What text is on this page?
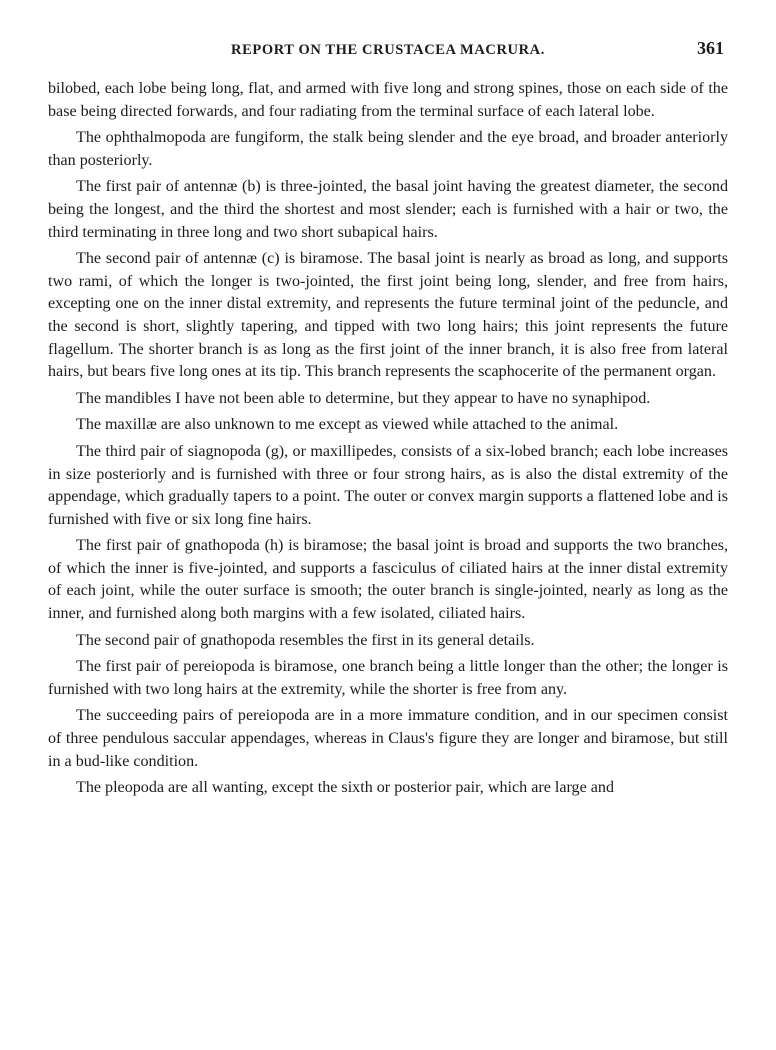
REPORT ON THE CRUSTACEA MACRURA.	361

bilobed, each lobe being long, flat, and armed with five long and strong spines, those on each side of the base being directed forwards, and four radiating from the terminal surface of each lateral lobe.

The ophthalmopoda are fungiform, the stalk being slender and the eye broad, and broader anteriorly than posteriorly.

The first pair of antennæ (b) is three-jointed, the basal joint having the greatest diameter, the second being the longest, and the third the shortest and most slender; each is furnished with a hair or two, the third terminating in three long and two short subapical hairs.

The second pair of antennæ (c) is biramose. The basal joint is nearly as broad as long, and supports two rami, of which the longer is two-jointed, the first joint being long, slender, and free from hairs, excepting one on the inner distal extremity, and represents the future terminal joint of the peduncle, and the second is short, slightly tapering, and tipped with two long hairs; this joint represents the future flagellum. The shorter branch is as long as the first joint of the inner branch, it is also free from lateral hairs, but bears five long ones at its tip. This branch represents the scaphocerite of the permanent organ.

The mandibles I have not been able to determine, but they appear to have no synaphipod.

The maxillæ are also unknown to me except as viewed while attached to the animal.

The third pair of siagnopoda (g), or maxillipedes, consists of a six-lobed branch; each lobe increases in size posteriorly and is furnished with three or four strong hairs, as is also the distal extremity of the appendage, which gradually tapers to a point. The outer or convex margin supports a flattened lobe and is furnished with five or six long fine hairs.

The first pair of gnathopoda (h) is biramose; the basal joint is broad and supports the two branches, of which the inner is five-jointed, and supports a fasciculus of ciliated hairs at the inner distal extremity of each joint, while the outer surface is smooth; the outer branch is single-jointed, nearly as long as the inner, and furnished along both margins with a few isolated, ciliated hairs.

The second pair of gnathopoda resembles the first in its general details.

The first pair of pereiopoda is biramose, one branch being a little longer than the other; the longer is furnished with two long hairs at the extremity, while the shorter is free from any.

The succeeding pairs of pereiopoda are in a more immature condition, and in our specimen consist of three pendulous saccular appendages, whereas in Claus's figure they are longer and biramose, but still in a bud-like condition.

The pleopoda are all wanting, except the sixth or posterior pair, which are large and
